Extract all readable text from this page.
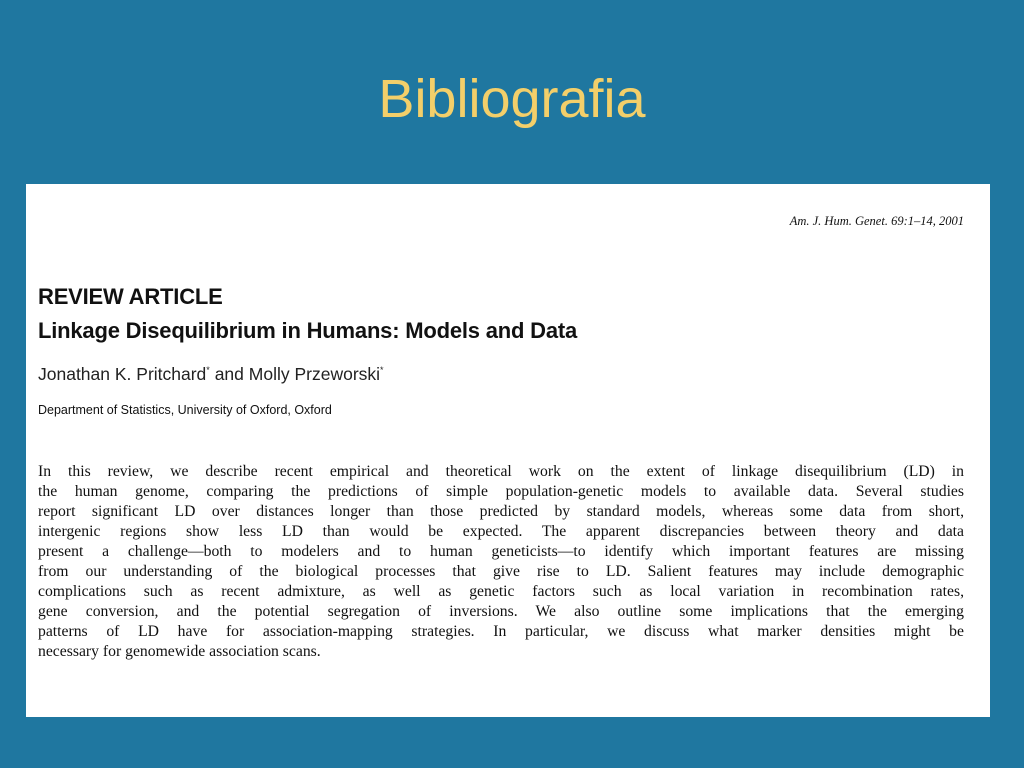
Bibliografia
Am. J. Hum. Genet. 69:1–14, 2001
REVIEW ARTICLE
Linkage Disequilibrium in Humans: Models and Data
Jonathan K. Pritchard* and Molly Przeworski*
Department of Statistics, University of Oxford, Oxford
In this review, we describe recent empirical and theoretical work on the extent of linkage disequilibrium (LD) in
the human genome, comparing the predictions of simple population-genetic models to available data. Several studies
report significant LD over distances longer than those predicted by standard models, whereas some data from short,
intergenic regions show less LD than would be expected. The apparent discrepancies between theory and data
present a challenge—both to modelers and to human geneticists—to identify which important features are missing
from our understanding of the biological processes that give rise to LD. Salient features may include demographic
complications such as recent admixture, as well as genetic factors such as local variation in recombination rates,
gene conversion, and the potential segregation of inversions. We also outline some implications that the emerging
patterns of LD have for association-mapping strategies. In particular, we discuss what marker densities might be
necessary for genomewide association scans.
